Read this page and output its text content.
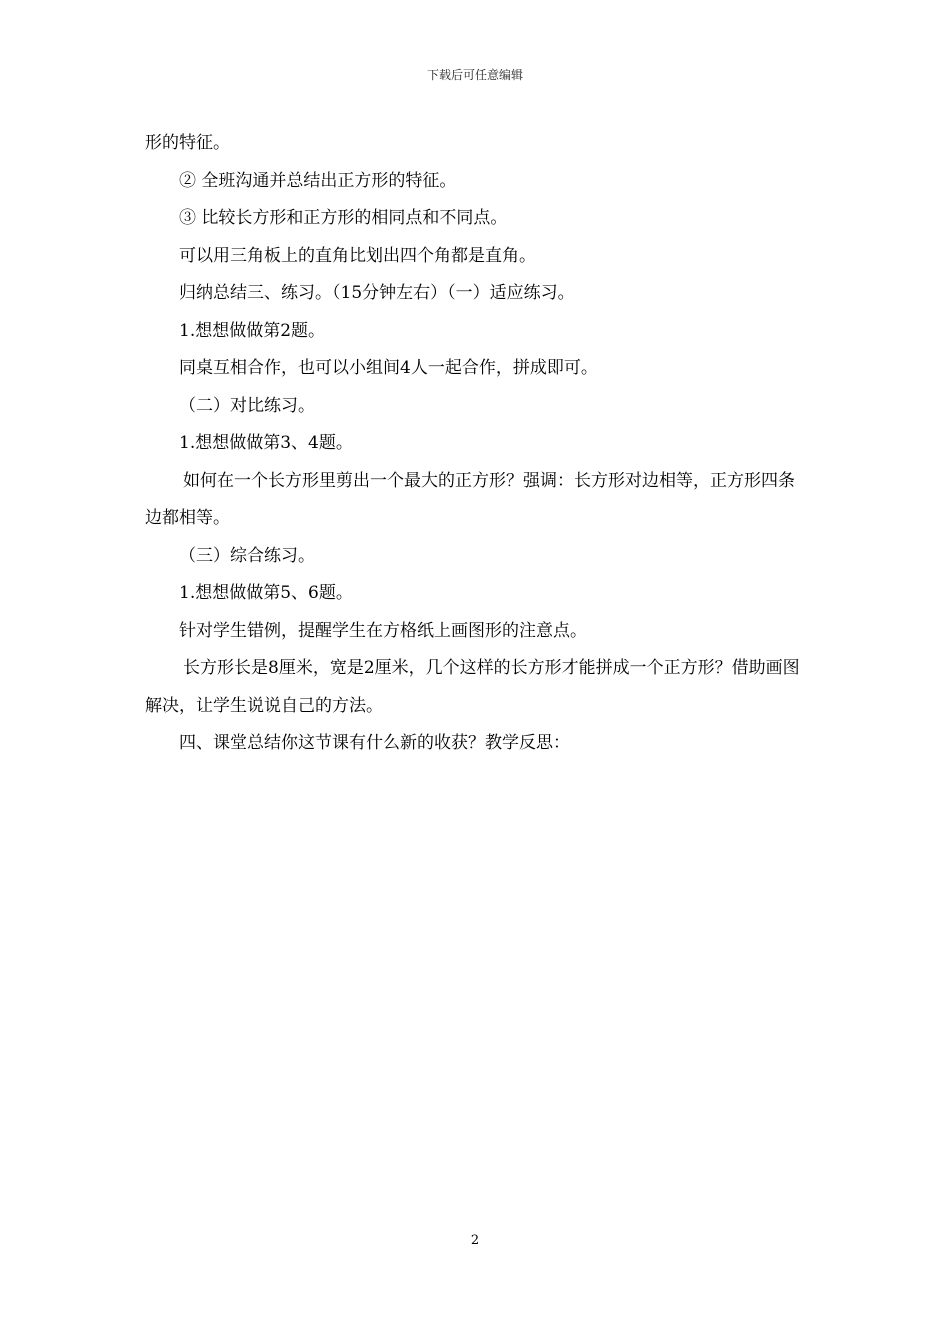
下载后可任意编辑

形的特征。

② 全班沟通并总结出正方形的特征。

③ 比较长方形和正方形的相同点和不同点。

可以用三角板上的直角比划出四个角都是直角。

归纳总结三、练习。（15分钟左右）（一）适应练习。

1.想想做做第2题。

同桌互相合作，也可以小组间4人一起合作，拼成即可。

（二）对比练习。

1.想想做做第3、4题。

如何在一个长方形里剪出一个最大的正方形？强调：长方形对边相等，正方形四条边都相等。

（三）综合练习。

1.想想做做第5、6题。

针对学生错例，提醒学生在方格纸上画图形的注意点。

长方形长是8厘米，宽是2厘米，几个这样的长方形才能拼成一个正方形？借助画图解决，让学生说说自己的方法。

四、课堂总结你这节课有什么新的收获？教学反思：

2
